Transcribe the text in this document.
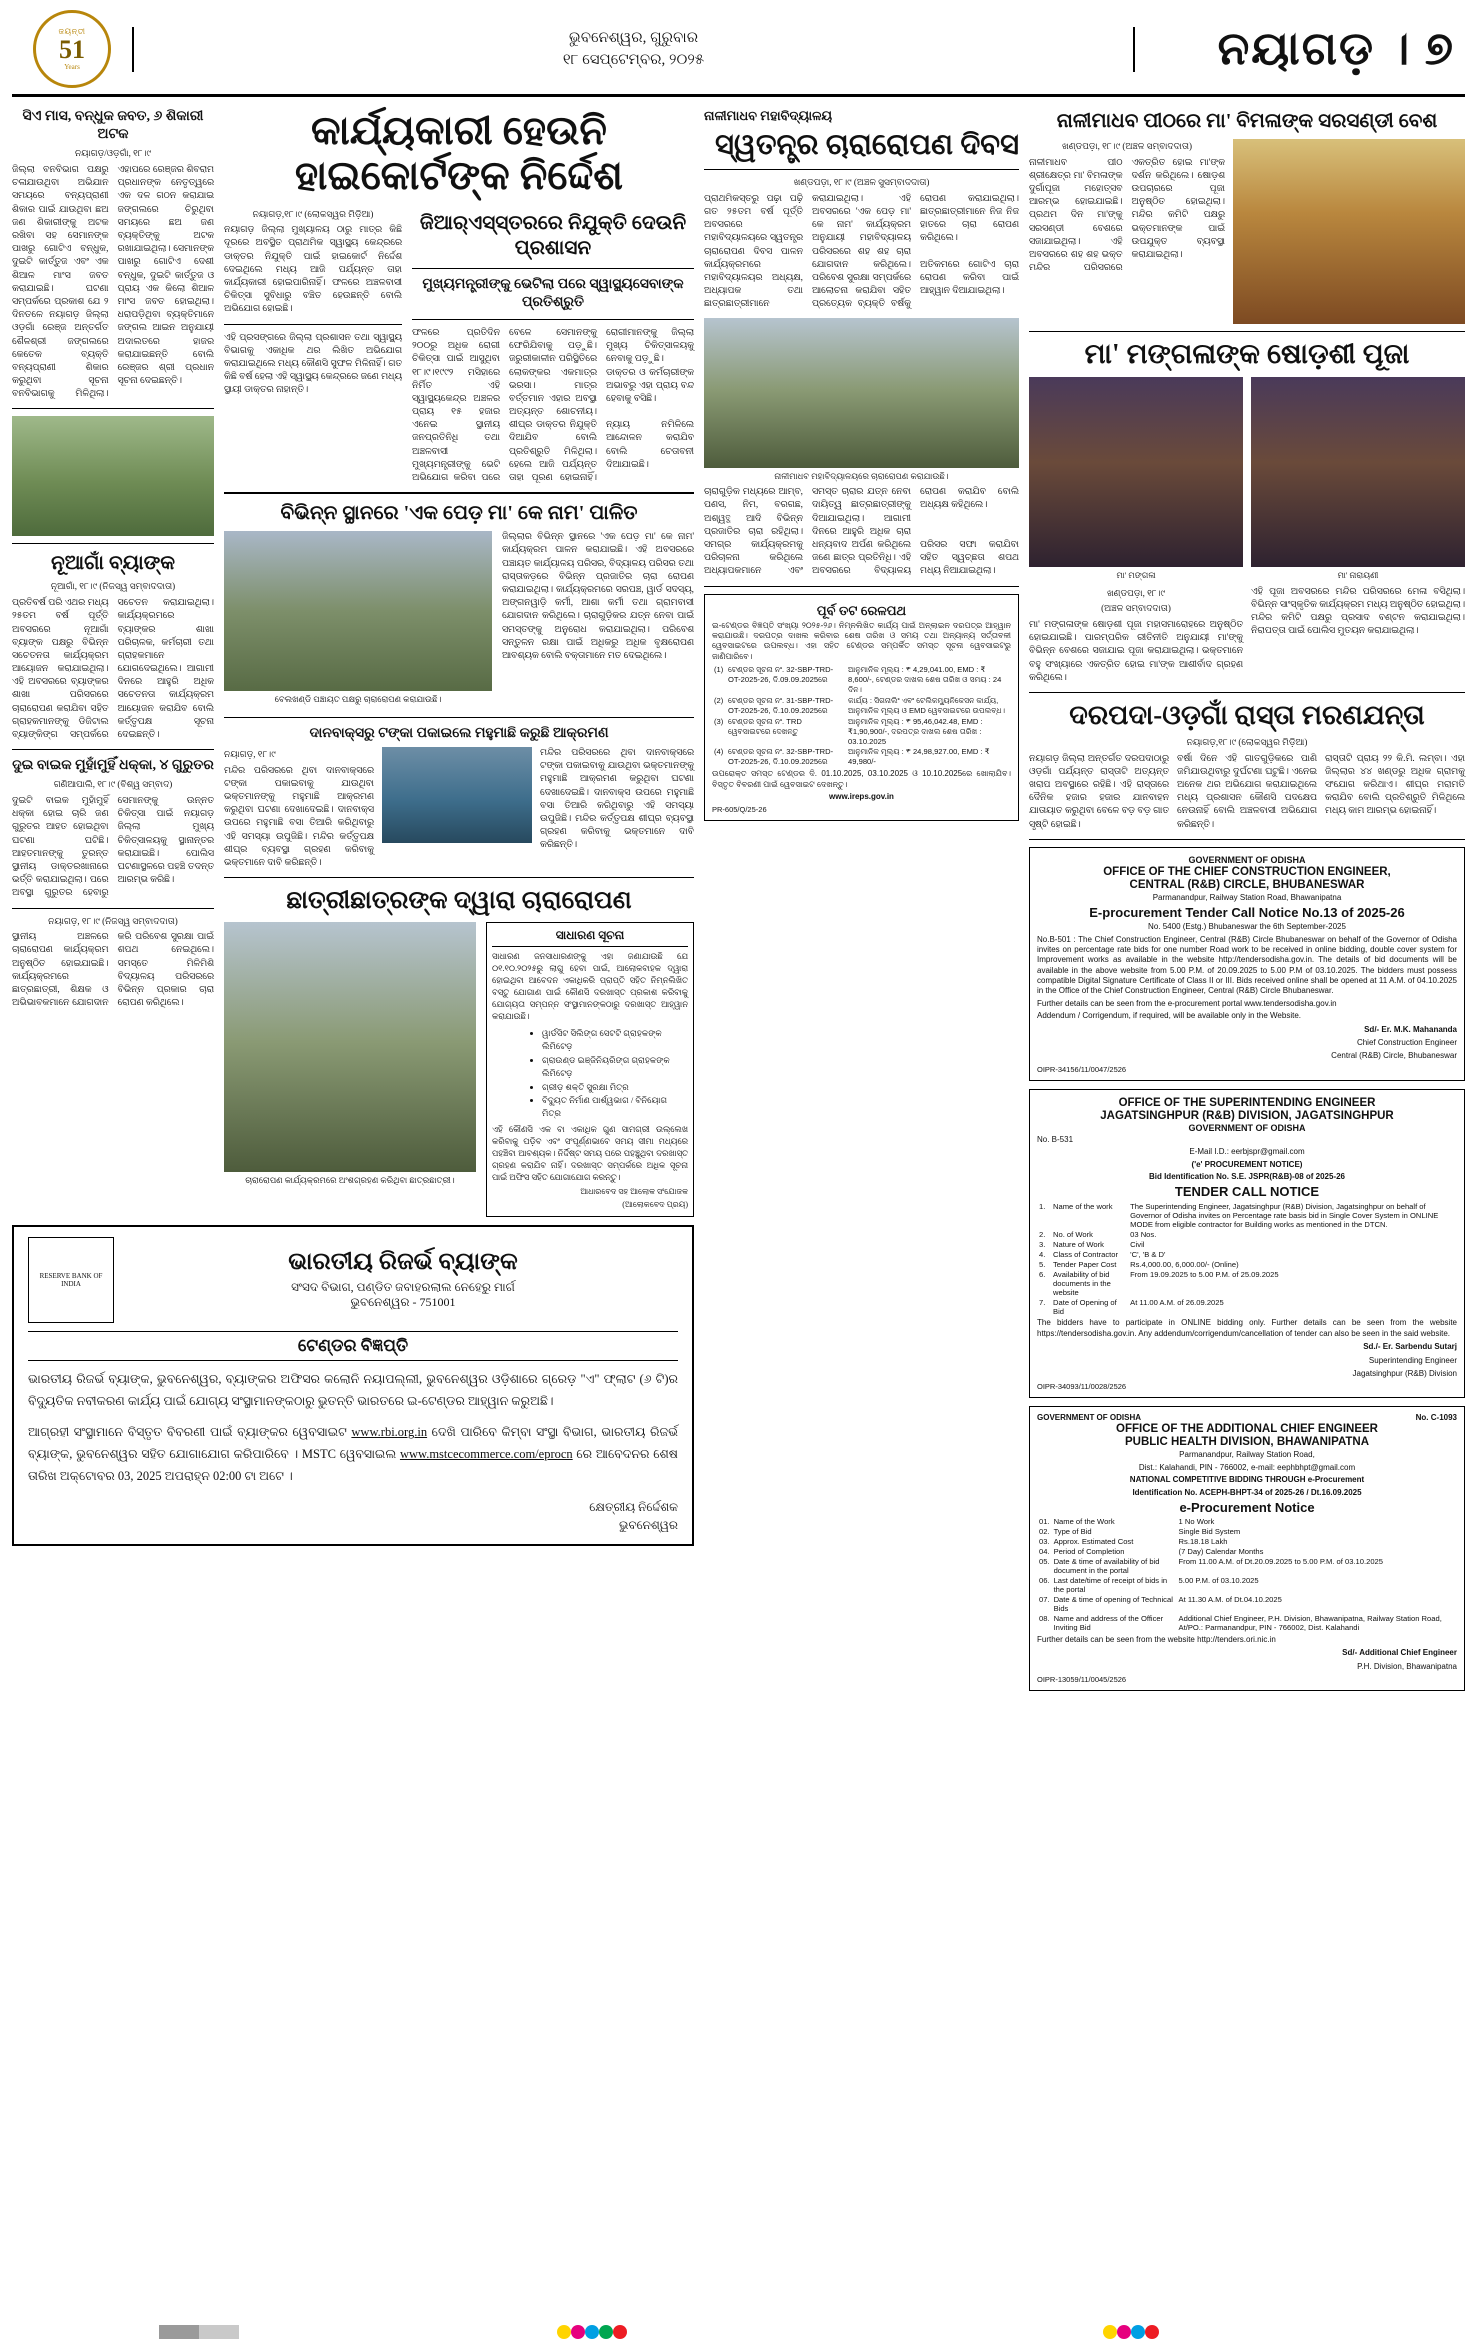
ଜୟନ୍ତୀ
51
Years
ଭୁବନେଶ୍ୱର, ଗୁରୁବାର
୧୮ ସେପ୍ଟେମ୍ବର, ୨୦୨୫	ନୟାଗଡ଼ । ୭
ସିଏ ମାସ, ବନ୍ଧୁକ ଜବତ, ୬ ଶିକାରୀ ଅଟକ
ନୟାଗଡ଼/ଓଡ଼ଗାଁ, ୧୮।୯
ଜିଲ୍ଲା ବନବିଭାଗ ପକ୍ଷରୁ ଚଳାଯାଉଥିବା ଅଭିଯାନ ସମୟରେ ବନ୍ୟପ୍ରାଣୀ ଶିକାର ପାଇଁ ଯାଉଥିବା ଛଅ ଜଣ ଶିକାରୀଙ୍କୁ ଅଟକ ରଖିବା ସହ ସେମାନଙ୍କ ପାଖରୁ ଗୋଟିଏ ବନ୍ଧୁକ, ଦୁଇଟି କାର୍ତ୍ତୁଜ ଏବଂ ଏକ ଶିଆଳ ମାଂସ ଜବତ କରାଯାଇଛି। ଘଟଣା ସମ୍ପର୍କରେ ପ୍ରକାଶ ଯେ ୨ ଦିନତଳେ ନୟାଗଡ଼ ଜିଲ୍ଲା ଓଡ଼ଗାଁ ରେଞ୍ଜ ଅନ୍ତର୍ଗତ ଶୈଳଶ୍ରୀ ଜଙ୍ଗଲରେ କେତେକ ବ୍ୟକ୍ତି ବନ୍ୟପ୍ରାଣୀ ଶିକାର କରୁଥିବା ସୂଚନା ବନବିଭାଗକୁ ମିଳିଥିଲା। ଏହାପରେ ରେଞ୍ଜର ଶିବରାମ ପ୍ରଧାନଙ୍କ ନେତୃତ୍ୱରେ ଏକ ଦଳ ଗଠନ କରାଯାଇ ଜଙ୍ଗଲରେ ଚିରୁଥିବା ସମୟରେ ଛଅ ଜଣ ବ୍ୟକ୍ତିଙ୍କୁ ଅଟକ ରଖାଯାଇଥିଲା। ସେମାନଙ୍କ ପାଖରୁ ଗୋଟିଏ ଦେଶୀ ବନ୍ଧୁକ, ଦୁଇଟି କାର୍ତ୍ତୁଜ ଓ ପ୍ରାୟ ଏକ କିଲୋ ଶିଆଳ ମାଂସ ଜବତ ହୋଇଥିଲା। ଧରାପଡ଼ିଥିବା ବ୍ୟକ୍ତିମାନେ ଜଙ୍ଗଲ ଆଇନ ଅନୁଯାୟୀ ଅଦାଲତରେ ହାଜର କରାଯାଇଛନ୍ତି ବୋଲି ରେଞ୍ଜର ଶ୍ରୀ ପ୍ରଧାନ ସୂଚନା ଦେଇଛନ୍ତି।
ନୂଆଗାଁ ବ୍ୟାଙ୍କ
ନୂଆଗାଁ, ୧୮।୯ (ନିଜସ୍ୱ ସମ୍ବାଦଦାତା)
ପ୍ରତିବର୍ଷ ପରି ଏଥର ମଧ୍ୟ ୨୫ତମ ବର୍ଷ ପୂର୍ତ୍ତି ଅବସରରେ ନୂଆଗାଁ ବ୍ୟାଙ୍କ ପକ୍ଷରୁ ବିଭିନ୍ନ ସଚେତନତା କାର୍ଯ୍ୟକ୍ରମ ଆୟୋଜନ କରାଯାଇଥିଲା। ଏହି ଅବସରରେ ବ୍ୟାଙ୍କର ଶାଖା ପରିସରରେ ଚାରାରୋପଣ କରାଯିବା ସହିତ ଗ୍ରାହକମାନଙ୍କୁ ଡିଜିଟାଲ ବ୍ୟାଙ୍କିଙ୍ଗ ସମ୍ପର୍କରେ ସଚେତନ କରାଯାଇଥିଲା। କାର୍ଯ୍ୟକ୍ରମରେ ବ୍ୟାଙ୍କର ଶାଖା ପରିଚାଳକ, କର୍ମଚାରୀ ତଥା ଗ୍ରାହକମାନେ ଯୋଗଦେଇଥିଲେ। ଆଗାମୀ ଦିନରେ ଆହୁରି ଅଧିକ ସଚେତନତା କାର୍ଯ୍ୟକ୍ରମ ଆୟୋଜନ କରାଯିବ ବୋଲି କର୍ତ୍ତୃପକ୍ଷ ସୂଚନା ଦେଇଛନ୍ତି।
ଦୁଇ ବାଇକ ମୁହାଁମୁହିଁ ଧକ୍କା, ୪ ଗୁରୁତର
ଗଣିଆପାଲି, ୧୮।୯ (ବିଶ୍ୱ ସମ୍ବାଦ)
ଦୁଇଟି ବାଇକ ମୁହାଁମୁହିଁ ଧକ୍କା ହୋଇ ଚାରି ଜଣ ଗୁରୁତର ଆହତ ହୋଇଥିବା ଘଟଣା ଘଟିଛି। ଆହତମାନଙ୍କୁ ତୁରନ୍ତ ସ୍ଥାନୀୟ ଡାକ୍ତରଖାନାରେ ଭର୍ତ୍ତି କରାଯାଇଥିଲା। ପରେ ଅବସ୍ଥା ଗୁରୁତର ହେବାରୁ ସେମାନଙ୍କୁ ଉନ୍ନତ ଚିକିତ୍ସା ପାଇଁ ନୟାଗଡ଼ ଜିଲ୍ଲା ମୁଖ୍ୟ ଚିକିତ୍ସାଳୟକୁ ସ୍ଥାନାନ୍ତର କରାଯାଇଛି। ପୋଲିସ ଘଟଣାସ୍ଥଳରେ ପହଞ୍ଚି ତଦନ୍ତ ଆରମ୍ଭ କରିଛି।
ନୟାଗଡ଼, ୧୮।୯ (ନିଜସ୍ୱ ସମ୍ବାଦଦାତା)
ସ୍ଥାନୀୟ ଅଞ୍ଚଳରେ ଚାରାରୋପଣ କାର୍ଯ୍ୟକ୍ରମ ଅନୁଷ୍ଠିତ ହୋଇଯାଇଛି। କାର୍ଯ୍ୟକ୍ରମରେ ଛାତ୍ରଛାତ୍ରୀ, ଶିକ୍ଷକ ଓ ଅଭିଭାବକମାନେ ଯୋଗଦାନ କରି ପରିବେଶ ସୁରକ୍ଷା ପାଇଁ ଶପଥ ନେଇଥିଲେ। ସମସ୍ତେ ମିଳିମିଶି ବିଦ୍ୟାଳୟ ପରିସରରେ ବିଭିନ୍ନ ପ୍ରକାର ଚାରା ରୋପଣ କରିଥିଲେ।
କାର୍ଯ୍ୟକାରୀ ହେଉନି ହାଇକୋର୍ଟଙ୍କ ନିର୍ଦ୍ଦେଶ
ନୟାଗଡ଼,୧୮।୯ (ଲୋକସ୍ୱର ମିଡ଼ିଆ)
ନୟାଗଡ଼ ଜିଲ୍ଲା ମୁଖ୍ୟାଳୟ ଠାରୁ ମାତ୍ର କିଛି ଦୂରରେ ଅବସ୍ଥିତ ପ୍ରାଥମିକ ସ୍ୱାସ୍ଥ୍ୟ କେନ୍ଦ୍ରରେ ଡାକ୍ତର ନିଯୁକ୍ତି ପାଇଁ ହାଇକୋର୍ଟ ନିର୍ଦ୍ଦେଶ ଦେଇଥିଲେ ମଧ୍ୟ ଆଜି ପର୍ଯ୍ୟନ୍ତ ତାହା କାର୍ଯ୍ୟକାରୀ ହୋଇପାରିନାହିଁ। ଫଳରେ ଅଞ୍ଚଳବାସୀ ଚିକିତ୍ସା ସୁବିଧାରୁ ବଞ୍ଚିତ ହେଉଛନ୍ତି ବୋଲି ଅଭିଯୋଗ ହୋଇଛି।
ଏହି ପ୍ରସଙ୍ଗରେ ଜିଲ୍ଲା ପ୍ରଶାସନ ତଥା ସ୍ୱାସ୍ଥ୍ୟ ବିଭାଗକୁ ଏକାଧିକ ଥର ଲିଖିତ ଅଭିଯୋଗ କରାଯାଇଥିଲେ ମଧ୍ୟ କୌଣସି ସୁଫଳ ମିଳିନାହିଁ। ଗତ କିଛି ବର୍ଷ ହେଲା ଏହି ସ୍ୱାସ୍ଥ୍ୟ କେନ୍ଦ୍ରରେ ଜଣେ ମଧ୍ୟ ସ୍ଥାୟୀ ଡାକ୍ତର ନାହାନ୍ତି।
ଜିଆର୍‌ଏସ୍‌ସ୍ତରରେ ନିଯୁକ୍ତି ଦେଉନି ପ୍ରଶାସନ
ମୁଖ୍ୟମନ୍ତ୍ରୀଙ୍କୁ ଭେଟିଲା ପରେ ସ୍ୱାସ୍ଥ୍ୟସେବାଙ୍କ ପ୍ରତିଶ୍ରୁତି
ଫଳରେ ପ୍ରତିଦିନ ୨୦୦ରୁ ଅଧିକ ରୋଗୀ ଚିକିତ୍ସା ପାଇଁ ଆସୁଥିବା ବେଳେ ସେମାନଙ୍କୁ ଫେରିଯିବାକୁ ପଡ଼ୁଛି। ଜରୁରୀକାଳୀନ ପରିସ୍ଥିତିରେ ରୋଗୀମାନଙ୍କୁ ଜିଲ୍ଲା ମୁଖ୍ୟ ଚିକିତ୍ସାଳୟକୁ ନେବାକୁ ପଡ଼ୁଛି।
୧୮।୯।୧୯୯୨ ମସିହାରେ ନିର୍ମିତ ଏହି ସ୍ୱାସ୍ଥ୍ୟକେନ୍ଦ୍ର ଅଞ୍ଚଳର ପ୍ରାୟ ୧୫ ହଜାର ଲୋକଙ୍କର ଏକମାତ୍ର ଭରସା। ମାତ୍ର ବର୍ତ୍ତମାନ ଏହାର ଅବସ୍ଥା ଅତ୍ୟନ୍ତ ଶୋଚନୀୟ। ଡାକ୍ତର ଓ କର୍ମଚାରୀଙ୍କ ଅଭାବରୁ ଏହା ପ୍ରାୟ ବନ୍ଦ ହେବାକୁ ବସିଛି।
ଏନେଇ ସ୍ଥାନୀୟ ଜନପ୍ରତିନିଧି ତଥା ଅଞ୍ଚଳବାସୀ ମୁଖ୍ୟମନ୍ତ୍ରୀଙ୍କୁ ଭେଟି ଅଭିଯୋଗ କରିବା ପରେ ଶୀଘ୍ର ଡାକ୍ତର ନିଯୁକ୍ତି ଦିଆଯିବ ବୋଲି ପ୍ରତିଶ୍ରୁତି ମିଳିଥିଲା। ହେଲେ ଆଜି ପର୍ଯ୍ୟନ୍ତ ତାହା ପୂରଣ ହୋଇନାହିଁ। ନ୍ୟାୟ ନମିଳିଲେ ଆନ୍ଦୋଳନ କରାଯିବ ବୋଲି ଚେତାବନୀ ଦିଆଯାଇଛି।
ବିଭିନ୍ନ ସ୍ଥାନରେ 'ଏକ ପେଡ଼ ମା' କେ ନାମ' ପାଳିତ
ବେଲଖଣ୍ଡି ପଞ୍ଚାୟତ ପକ୍ଷରୁ ଚାରାରୋପଣ କରାଯାଉଛି।
ଜିଲ୍ଲାର ବିଭିନ୍ନ ସ୍ଥାନରେ 'ଏକ ପେଡ଼ ମା' କେ ନାମ' କାର୍ଯ୍ୟକ୍ରମ ପାଳନ କରାଯାଇଛି। ଏହି ଅବସରରେ ପଞ୍ଚାୟତ କାର୍ଯ୍ୟାଳୟ ପରିସର, ବିଦ୍ୟାଳୟ ପରିସର ତଥା ରାସ୍ତାକଡ଼ରେ ବିଭିନ୍ନ ପ୍ରଜାତିର ଚାରା ରୋପଣ କରାଯାଇଥିଲା। କାର୍ଯ୍ୟକ୍ରମରେ ସରପଞ୍ଚ, ୱାର୍ଡ ସଦସ୍ୟ, ଅଙ୍ଗନୱାଡ଼ି କର୍ମୀ, ଆଶା କର୍ମୀ ତଥା ଗ୍ରାମବାସୀ ଯୋଗଦାନ କରିଥିଲେ। ଚାରାଗୁଡ଼ିକର ଯତ୍ନ ନେବା ପାଇଁ ସମସ୍ତଙ୍କୁ ଅନୁରୋଧ କରାଯାଇଥିଲା। ପରିବେଶ ସନ୍ତୁଳନ ରକ୍ଷା ପାଇଁ ଅଧିକରୁ ଅଧିକ ବୃକ୍ଷରୋପଣ ଆବଶ୍ୟକ ବୋଲି ବକ୍ତାମାନେ ମତ ଦେଇଥିଲେ।
ଦାନବାକ୍ସରୁ ଟଙ୍କା ପକାଇଲେ ମହୁମାଛି କରୁଛି ଆକ୍ରମଣ
ନୟାଗଡ଼, ୧୮।୯
ମନ୍ଦିର ପରିସରରେ ଥିବା ଦାନବାକ୍ସରେ ଟଙ୍କା ପକାଇବାକୁ ଯାଉଥିବା ଭକ୍ତମାନଙ୍କୁ ମହୁମାଛି ଆକ୍ରମଣ କରୁଥିବା ଘଟଣା ଦେଖାଦେଇଛି। ଦାନବାକ୍ସ ଉପରେ ମହୁମାଛି ବସା ତିଆରି କରିଥିବାରୁ ଏହି ସମସ୍ୟା ଉପୁଜିଛି। ମନ୍ଦିର କର୍ତ୍ତୃପକ୍ଷ ଶୀଘ୍ର ବ୍ୟବସ୍ଥା ଗ୍ରହଣ କରିବାକୁ ଭକ୍ତମାନେ ଦାବି କରିଛନ୍ତି।
ମନ୍ଦିର ପରିସରରେ ଥିବା ଦାନବାକ୍ସରେ ଟଙ୍କା ପକାଇବାକୁ ଯାଉଥିବା ଭକ୍ତମାନଙ୍କୁ ମହୁମାଛି ଆକ୍ରମଣ କରୁଥିବା ଘଟଣା ଦେଖାଦେଇଛି। ଦାନବାକ୍ସ ଉପରେ ମହୁମାଛି ବସା ତିଆରି କରିଥିବାରୁ ଏହି ସମସ୍ୟା ଉପୁଜିଛି। ମନ୍ଦିର କର୍ତ୍ତୃପକ୍ଷ ଶୀଘ୍ର ବ୍ୟବସ୍ଥା ଗ୍ରହଣ କରିବାକୁ ଭକ୍ତମାନେ ଦାବି କରିଛନ୍ତି।
ଛାତ୍ରୀଛାତ୍ରଙ୍କ ଦ୍ୱାରା ଚାରାରୋପଣ
ଚାରାରୋପଣ କାର୍ଯ୍ୟକ୍ରମରେ ଅଂଶଗ୍ରହଣ କରିଥିବା ଛାତ୍ରଛାତ୍ରୀ।
ସାଧାରଣ ସୂଚନା
ସାଧାରଣ ଜନସାଧାରଣଙ୍କୁ ଏହା ଜଣାଯାଉଛି ଯେ ୦୧.୧୦.୨୦୨୫ରୁ ଲାଗୁ ହେବା ପାଇଁ, ଆଲୋକବାହକ ଦ୍ୱାରା ହୋଇଥିବା ଆବେଦନ ଏକାଧିକରି ପ୍ରାପ୍ତି ସହିତ ନିମ୍ନଲିଖିତ ବସ୍ତୁ ଯୋଗାଣ ପାଇଁ କୌଣସି ଦରଖାସ୍ତ ପ୍ରକାଶ କରିବାକୁ ଯୋଗ୍ୟତା ସମ୍ପନ୍ନ ସଂସ୍ଥାମାନଙ୍କଠାରୁ ଦରଖାସ୍ତ ଆହ୍ୱାନ କରାଯାଉଛି।
• ୱାର୍ଡସିଟ ସିଲିଙ୍ଗ ସେଟଟି ଗ୍ରାହକଙ୍କ ଲିମିଟେଡ଼
• ଗ୍ରାଉଣ୍ଡ ଇଞ୍ଜିନିୟରିଙ୍ଗ ଗ୍ରାହକଙ୍କ ଲିମିଟେଡ଼
• ଗ୍ରୀଡ଼ ଶକ୍ତି ସୁରକ୍ଷା ମିତ୍ର
• ବିଦ୍ୟୁତ ନିର୍ମାଣ ପାର୍ଶ୍ୱଭାଗ / ବିନିୟୋଗ ମିତ୍ର
ଏହି କୌଣସି ଏକ ବା ଏକାଧିକ ଗୁଣ ସାମଗ୍ରୀ ଉଲ୍ଲେଖ କରିବାକୁ ପଡ଼ିବ ଏବଂ ସଂପୂର୍ଣ୍ଣଭାବେ ସମୟ ସୀମା ମଧ୍ୟରେ ପହଞ୍ଚିବା ଆବଶ୍ୟକ। ନିର୍ଦ୍ଦିଷ୍ଟ ସମୟ ପରେ ପହଞ୍ଚୁଥିବା ଦରଖାସ୍ତ ଗ୍ରହଣ କରାଯିବ ନାହିଁ। ଦରଖାସ୍ତ ସମ୍ପର୍କରେ ଅଧିକ ସୂଚନା ପାଇଁ ଅଫିସ ସହିତ ଯୋଗାଯୋଗ କରନ୍ତୁ।
ଆଧାରବେଦ ସହ ଆଲୋକ ସଂଯୋଜକ
(ଆଲୋକବେଦ ପ୍ରୟ)
RESERVE BANK OF INDIA
ଭାରତୀୟ ରିଜର୍ଭ ବ୍ୟାଙ୍କ
ସଂସଦ ବିଭାଗ, ପଣ୍ଡିତ ଜବାହରଲାଲ ନେହେରୁ ମାର୍ଗ
ଭୁବନେଶ୍ୱର - 751001
ଟେଣ୍ଡର ବିଜ୍ଞପ୍ତି
ଭାରତୀୟ ରିଜର୍ଭ ବ୍ୟାଙ୍କ, ଭୁବନେଶ୍ୱର, ବ୍ୟାଙ୍କର ଅଫିସର କଲୋନି ନୟାପଲ୍ଲୀ, ଭୁବନେଶ୍ୱର ଓଡ଼ିଶାରେ ଗ୍ରେଡ଼ "ଏ" ଫ୍ଲାଟ (୬ ଟି)ର ବିଦ୍ୟୁତିକ ନବୀକରଣ କାର୍ଯ୍ୟ ପାଇଁ ଯୋଗ୍ୟ ସଂସ୍ଥାମାନଙ୍କଠାରୁ ଭୁତନ୍ତି ଭାରତରେ ଇ-ଟେଣ୍ଡର ଆହ୍ୱାନ କରୁଅଛି।
ଆଗ୍ରହୀ ସଂସ୍ଥାମାନେ ବିସ୍ତୃତ ବିବରଣୀ ପାଇଁ ବ୍ୟାଙ୍କର ୱେବସାଇଟ www.rbi.org.in ଦେଖି ପାରିବେ କିମ୍ବା ସଂସ୍ଥା ବିଭାଗ, ଭାରତୀୟ ରିଜର୍ଭ ବ୍ୟାଙ୍କ, ଭୁବନେଶ୍ୱର ସହିତ ଯୋଗାଯୋଗ କରିପାରିବେ । MSTC ୱେବସାଇଲ www.mstcecommerce.com/eprocn ରେ ଆବେଦନର ଶେଷ ତାରିଖ ଅକ୍ଟୋବର 03, 2025 ଅପରାହ୍ନ 02:00 ଟା ଅଟେ ।
କ୍ଷେତ୍ରୀୟ ନିର୍ଦ୍ଦେଶକ
ଭୁବନେଶ୍ୱର
ନାଳୀମାଧବ ମହାବିଦ୍ୟାଳୟ
ସ୍ୱତନ୍ତ୍ର ଚାରାରୋପଣ ଦିବସ
ଖଣ୍ଡପଡ଼ା, ୧୮।୯ (ଅଞ୍ଚଳ ସୁସମ୍ବାଦଦାତା)
ପ୍ରାଥମିକସ୍ତରୁ ପଢ଼ା ପଢ଼ି ଗତ ୨୫ତମ ବର୍ଷ ପୂର୍ତ୍ତି ଅବସରରେ ମହାବିଦ୍ୟାଳୟରେ ସ୍ୱତନ୍ତ୍ର ଚାରାରୋପଣ ଦିବସ ପାଳନ କରାଯାଇଥିଲା। ଏହି ଅବସରରେ 'ଏକ ପେଡ଼ ମା' କେ ନାମ' କାର୍ଯ୍ୟକ୍ରମ ଅନୁଯାୟୀ ମହାବିଦ୍ୟାଳୟ ପରିସରରେ ଶହ ଶହ ଚାରା ରୋପଣ କରାଯାଇଥିଲା। ଛାତ୍ରଛାତ୍ରୀମାନେ ନିଜ ନିଜ ହାତରେ ଚାରା ରୋପଣ କରିଥିଲେ।
କାର୍ଯ୍ୟକ୍ରମରେ ମହାବିଦ୍ୟାଳୟର ଅଧ୍ୟକ୍ଷ, ଅଧ୍ୟାପକ ତଥା ଛାତ୍ରଛାତ୍ରୀମାନେ ଯୋଗଦାନ କରିଥିଲେ। ପରିବେଶ ସୁରକ୍ଷା ସମ୍ପର୍କରେ ଆଲୋଚନା କରାଯିବା ସହିତ ପ୍ରତ୍ୟେକ ବ୍ୟକ୍ତି ବର୍ଷକୁ ଅତିକମରେ ଗୋଟିଏ ଚାରା ରୋପଣ କରିବା ପାଇଁ ଆହ୍ୱାନ ଦିଆଯାଇଥିଲା।
ନାଳୀମାଧବ ମହାବିଦ୍ୟାଳୟରେ ଚାରାରୋପଣ କରାଯାଉଛି।
ଚାରାଗୁଡ଼ିକ ମଧ୍ୟରେ ଆମ୍ବ, ପଣସ, ନିମ, ବରଗଛ, ଅଶ୍ୱତ୍ଥ ଆଦି ବିଭିନ୍ନ ପ୍ରଜାତିର ଚାରା ରହିଥିଲା। ସମସ୍ତ ଚାରାର ଯତ୍ନ ନେବା ଦାୟିତ୍ୱ ଛାତ୍ରଛାତ୍ରୀଙ୍କୁ ଦିଆଯାଇଥିଲା। ଆଗାମୀ ଦିନରେ ଆହୁରି ଅଧିକ ଚାରା ରୋପଣ କରାଯିବ ବୋଲି ଅଧ୍ୟକ୍ଷ କହିଥିଲେ।
ସମଗ୍ର କାର୍ଯ୍ୟକ୍ରମକୁ ପରିଚାଳନା କରିଥିଲେ ଅଧ୍ୟାପକମାନେ ଏବଂ ଧନ୍ୟବାଦ ଅର୍ପଣ କରିଥିଲେ ଜଣେ ଛାତ୍ର ପ୍ରତିନିଧି। ଏହି ଅବସରରେ ବିଦ୍ୟାଳୟ ପରିସର ସଫା କରାଯିବା ସହିତ ସ୍ୱଚ୍ଛତା ଶପଥ ମଧ୍ୟ ନିଆଯାଇଥିଲା।
ପୂର୍ବ ତଟ ରେଳପଥ

ଇ-ଟେଣ୍ଡର ବିଜ୍ଞପ୍ତି ସଂଖ୍ୟା ୨୦୨୫-୨୬। ନିମ୍ନଲିଖିତ କାର୍ଯ୍ୟ ପାଇଁ ଅନ୍‌ଲାଇନ ଦରପତ୍ର ଆହ୍ୱାନ କରାଯାଉଛି। ଦରପତ୍ର ଦାଖଲ କରିବାର ଶେଷ ତାରିଖ ଓ ସମୟ ତଥା ଅନ୍ୟାନ୍ୟ ସର୍ତ୍ତାବଳୀ ୱେବସାଇଟରେ ଉପଲବ୍ଧ। ଏହା ସହିତ ଟେଣ୍ଡର ସମ୍ପର୍କିତ ସମସ୍ତ ସୂଚନା ୱେବସାଇଟରୁ ଜାଣିପାରିବେ।

(1)	ଟେଣ୍ଡର ସୂଚନା ନଂ. 32-SBP-TRD-OT-2025-26, ଦି.09.09.2025ରେ	ଆନୁମାନିକ ମୂଲ୍ୟ : ₹ 4,29,041.00, EMD : ₹ 8,600/-, ଟେଣ୍ଡର ଦାଖଲ ଶେଷ ତାରିଖ ଓ ସମୟ : 24 ଦିନ।
(2)	ଟେଣ୍ଡର ସୂଚନା ନଂ. 31-SBP-TRD-OT-2025-26, ଦି.10.09.2025ରେ	କାର୍ଯ୍ୟ : ସିଗନାଲିଂ ଏବଂ ଟେଲିକମ୍ୟୁନିକେସନ କାର୍ଯ୍ୟ, ଆନୁମାନିକ ମୂଲ୍ୟ ଓ EMD ୱେବସାଇଟରେ ଉପଲବ୍ଧ।
(3)	ଟେଣ୍ଡର ସୂଚନା ନଂ. TRD ୱେବସାଇଟରେ ଦେଖନ୍ତୁ	ଆନୁମାନିକ ମୂଲ୍ୟ : ₹ 95,46,042.48, EMD : ₹1,90,900/-, ଦରପତ୍ର ଦାଖଲ ଶେଷ ତାରିଖ : 03.10.2025
(4)	ଟେଣ୍ଡର ସୂଚନା ନଂ. 32-SBP-TRD-OT-2025-26, ଦି.10.09.2025ରେ	ଆନୁମାନିକ ମୂଲ୍ୟ : ₹ 24,98,927.00, EMD : ₹ 49,980/-

ଉପରୋକ୍ତ ସମସ୍ତ ଟେଣ୍ଡର ଦି. 01.10.2025, 03.10.2025 ଓ 10.10.2025ରେ ଖୋଲାଯିବ। ବିସ୍ତୃତ ବିବରଣୀ ପାଇଁ ୱେବସାଇଟ ଦେଖନ୍ତୁ।

www.ireps.gov.in

PR-605/Q/25-26
ନାଳୀମାଧବ ପୀଠରେ ମା' ବିମଳାଙ୍କ ସରସଣ୍ଡୀ ବେଶ
ଖଣ୍ଡପଡ଼ା, ୧୮।୯ (ଅଞ୍ଚଳ ସମ୍ବାଦଦାତା)
ନାଳୀମାଧବ ପୀଠ ଶ୍ରୀକ୍ଷେତ୍ର ମା' ବିମଳାଙ୍କ ଦୁର୍ଗାପୂଜା ମହୋତ୍ସବ ଆରମ୍ଭ ହୋଇଯାଇଛି। ପ୍ରଥମ ଦିନ ମା'ଙ୍କୁ ସରସଣ୍ଡୀ ବେଶରେ ସଜାଯାଇଥିଲା। ଏହି ଅବସରରେ ଶହ ଶହ ଭକ୍ତ ମନ୍ଦିର ପରିସରରେ ଏକତ୍ରିତ ହୋଇ ମା'ଙ୍କ ଦର୍ଶନ କରିଥିଲେ। ଷୋଡ଼ଶ ଉପଚାରରେ ପୂଜା ଅନୁଷ୍ଠିତ ହୋଇଥିଲା। ମନ୍ଦିର କମିଟି ପକ୍ଷରୁ ଭକ୍ତମାନଙ୍କ ପାଇଁ ଉପଯୁକ୍ତ ବ୍ୟବସ୍ଥା କରାଯାଇଥିଲା।
ମା' ମଙ୍ଗଳାଙ୍କ ଷୋଡ଼ଶୀ ପୂଜା
ମା' ମଙ୍ଗଳା	ମା' ନାରାୟଣୀ
ଖଣ୍ଡପଡ଼ା, ୧୮।୯
(ଅଞ୍ଚଳ ସମ୍ବାଦଦାତା)
ମା' ମଙ୍ଗଳାଙ୍କ ଷୋଡ଼ଶୀ ପୂଜା ମହାସମାରୋହରେ ଅନୁଷ୍ଠିତ ହୋଇଯାଇଛି। ପାରମ୍ପରିକ ରୀତିନୀତି ଅନୁଯାୟୀ ମା'ଙ୍କୁ ବିଭିନ୍ନ ବେଶରେ ସଜାଯାଇ ପୂଜା କରାଯାଇଥିଲା। ଭକ୍ତମାନେ ବହୁ ସଂଖ୍ୟାରେ ଏକତ୍ରିତ ହୋଇ ମା'ଙ୍କ ଆଶୀର୍ବାଦ ଗ୍ରହଣ କରିଥିଲେ।
ଏହି ପୂଜା ଅବସରରେ ମନ୍ଦିର ପରିସରରେ ମେଳା ବସିଥିଲା। ବିଭିନ୍ନ ସାଂସ୍କୃତିକ କାର୍ଯ୍ୟକ୍ରମ ମଧ୍ୟ ଅନୁଷ୍ଠିତ ହୋଇଥିଲା। ମନ୍ଦିର କମିଟି ପକ୍ଷରୁ ପ୍ରସାଦ ବଣ୍ଟନ କରାଯାଇଥିଲା। ନିରାପତ୍ତା ପାଇଁ ପୋଲିସ ମୁତୟନ କରାଯାଇଥିଲା।
ଦରପଦା-ଓଡ଼ଗାଁ ରାସ୍ତା ମରଣଯନ୍ତା
ନୟାଗଡ଼,୧୮।୯ (ଲୋକସ୍ୱର ମିଡ଼ିଆ)
ନୟାଗଡ଼ ଜିଲ୍ଲା ଅନ୍ତର୍ଗତ ଦରପଦାଠାରୁ ଓଡ଼ଗାଁ ପର୍ଯ୍ୟନ୍ତ ରାସ୍ତାଟି ଅତ୍ୟନ୍ତ ଖରାପ ଅବସ୍ଥାରେ ରହିଛି। ଏହି ରାସ୍ତାରେ ଦୈନିକ ହଜାର ହଜାର ଯାନବାହନ ଯାତାୟାତ କରୁଥିବା ବେଳେ ବଡ଼ ବଡ଼ ଗାତ ସୃଷ୍ଟି ହୋଇଛି।
ବର୍ଷା ଦିନେ ଏହି ଗାତଗୁଡ଼ିକରେ ପାଣି ଜମିଯାଉଥିବାରୁ ଦୁର୍ଘଟଣା ଘଟୁଛି। ଏନେଇ ଅନେକ ଥର ଅଭିଯୋଗ କରାଯାଇଥିଲେ ମଧ୍ୟ ପ୍ରଶାସନ କୌଣସି ପଦକ୍ଷେପ ନେଉନାହିଁ ବୋଲି ଅଞ୍ଚଳବାସୀ ଅଭିଯୋଗ କରିଛନ୍ତି।
ରାସ୍ତାଟି ପ୍ରାୟ ୨୨ କି.ମି. ଲମ୍ବା। ଏହା ଜିଲ୍ଲାର ୪୪ ଖଣ୍ଡରୁ ଅଧିକ ଗ୍ରାମକୁ ସଂଯୋଗ କରିଥାଏ। ଶୀଘ୍ର ମରାମତି କରାଯିବ ବୋଲି ପ୍ରତିଶ୍ରୁତି ମିଳିଥିଲେ ମଧ୍ୟ କାମ ଆରମ୍ଭ ହୋଇନାହିଁ।
GOVERNMENT OF ODISHA
OFFICE OF THE CHIEF CONSTRUCTION ENGINEER,
CENTRAL (R&B) CIRCLE, BHUBANESWAR

Parmanandpur, Railway Station Road, Bhawanipatna

E-procurement Tender Call Notice No.13 of 2025-26

No. 5400 (Estg.) Bhubaneswar the 6th September-2025

No.B-501 : The Chief Construction Engineer, Central (R&B) Circle Bhubaneswar on behalf of the Governor of Odisha invites on percentage rate bids for one number Road work to be received in online bidding, double cover system for Improvement works as available in the website http://tendersodisha.gov.in. The details of bid documents will be available in the above website from 5.00 P.M. of 20.09.2025 to 5.00 P.M of 03.10.2025. The bidders must possess compatible Digital Signature Certificate of Class II or III. Bids received online shall be opened at 11 A.M. of 04.10.2025 in the Office of the Chief Construction Engineer, Central (R&B) Circle Bhubaneswar.

Further details can be seen from the e-procurement portal www.tendersodisha.gov.in

Addendum / Corrigendum, if required, will be available only in the Website.

Sd/- Er. M.K. Mahananda
Chief Construction Engineer
Central (R&B) Circle, Bhubaneswar
OIPR-34156/11/0047/2526
OFFICE OF THE SUPERINTENDING ENGINEER
JAGATSINGHPUR (R&B) DIVISION, JAGATSINGHPUR
GOVERNMENT OF ODISHA

No. B-531

E-Mail I.D.: eerbjspr@gmail.com

('e' PROCUREMENT NOTICE)

Bid Identification No. S.E. JSPR(R&B)-08 of 2025-26

TENDER CALL NOTICE
1.	Name of the work	The Superintending Engineer, Jagatsinghpur (R&B) Division, Jagatsinghpur on behalf of Governor of Odisha invites on Percentage rate basis bid in Single Cover System in ONLINE MODE from eligible contractor for Building works as mentioned in the DTCN.
2.	No. of Work	03 Nos.
3.	Nature of Work	Civil
4.	Class of Contractor	'C', 'B & D'
5.	Tender Paper Cost	Rs.4,000.00, 6,000.00/- (Online)
6.	Availability of bid documents in the website	From 19.09.2025 to 5.00 P.M. of 25.09.2025
7.	Date of Opening of Bid	At 11.00 A.M. of 26.09.2025

The bidders have to participate in ONLINE bidding only. Further details can be seen from the website https://tendersodisha.gov.in. Any addendum/corrigendum/cancellation of tender can also be seen in the said website.

Sd./- Er. Sarbendu Sutarj
Superintending Engineer
Jagatsinghpur (R&B) Division
OIPR-34093/11/0028/2526
GOVERNMENT OF ODISHA	No. C-1093
OFFICE OF THE ADDITIONAL CHIEF ENGINEER
PUBLIC HEALTH DIVISION, BHAWANIPATNA

Parmanandpur, Railway Station Road,

Dist.: Kalahandi, PIN - 766002, e-mail: eephbhpt@gmail.com

NATIONAL COMPETITIVE BIDDING THROUGH e-Procurement

Identification No. ACEPH-BHPT-34 of 2025-26 / Dt.16.09.2025

e-Procurement Notice
01.	Name of the Work	1 No Work
02.	Type of Bid	Single Bid System
03.	Approx. Estimated Cost	Rs.18.18 Lakh
04.	Period of Completion	(7 Day) Calendar Months
05.	Date & time of availability of bid document in the portal	From 11.00 A.M. of Dt.20.09.2025 to 5.00 P.M. of 03.10.2025
06.	Last date/time of receipt of bids in the portal	5.00 P.M. of 03.10.2025
07.	Date & time of opening of Technical Bids	At 11.30 A.M. of Dt.04.10.2025
08.	Name and address of the Officer Inviting Bid	Additional Chief Engineer, P.H. Division, Bhawanipatna, Railway Station Road, At/PO.: Parmanandpur, PIN - 766002, Dist. Kalahandi

Further details can be seen from the website http://tenders.ori.nic.in

Sd/- Additional Chief Engineer
P.H. Division, Bhawanipatna
OIPR-13059/11/0045/2526
